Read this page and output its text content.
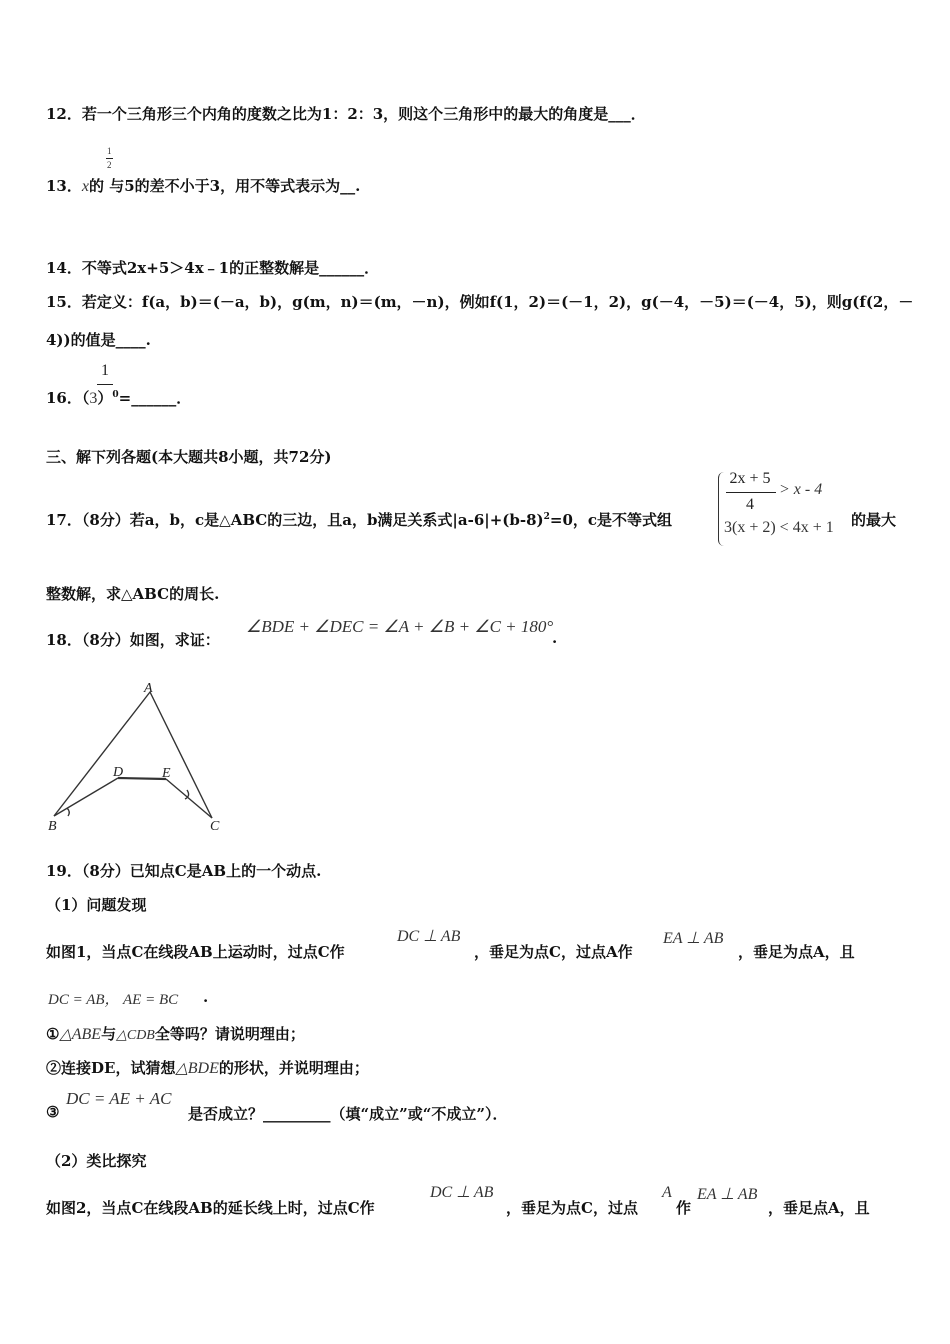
12．若一个三角形三个内角的度数之比为1：2：3，则这个三角形中的最大的角度是___．
1
2
13．x的 与5的差不小于3，用不等式表示为__.
14．不等式2x+5＞4x﹣1的正整数解是______．
15．若定义：f(a，b)＝(－a，b)，g(m，n)＝(m，－n)，例如f(1，2)＝(－1，2)，g(－4，－5)＝(－4，5)，则g(f(2，－
4))的值是____.
1
16．$(3)^0=\_\_\_\_\_\_$．
三、解下列各题(本大题共8小题，共72分)
2x + 5
4
> x - 4
3(x + 2) < 4x + 1
17．（8分）若a，b，c是△ABC的三边，且a，b满足关系式$|a-6|+(b-8)^2=0$，c是不等式组	的最大
整数解，求△ABC的周长.
18．（8分）如图，求证：
∠BDE + ∠DEC = ∠A + ∠B + ∠C + 180°
.
A
D	E
B	C
19．（8分）已知点C是AB上的一个动点.
（1）问题发现
如图1，当点C在线段AB上运动时，过点C作
DC ⊥ AB
，垂足为点C，过点A作
EA ⊥ AB
，垂足为点A，且
DC = AB， AE = BC .
①△ABE与△CDB全等吗？请说明理由；
②连接DE，试猜想△BDE的形状，并说明理由；
③
DC = AE + AC
是否成立？_________（填“成立”或“不成立”）．
（2）类比探究
如图2，当点C在线段AB的延长线上时，过点C作
DC ⊥ AB
，垂足为点C，过点
A
作
EA ⊥ AB
，垂足点A，且
